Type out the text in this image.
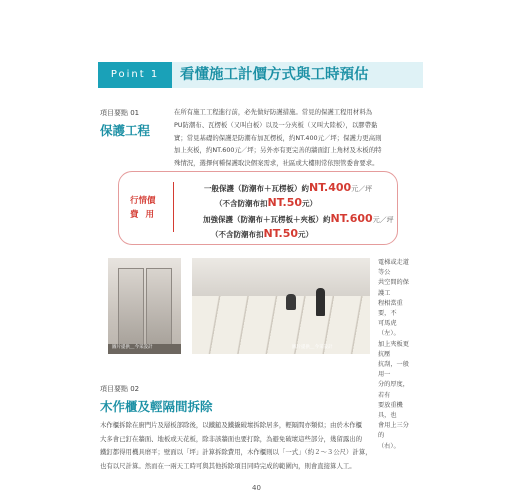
Point 1	看懂施工計價方式與工時預估
項目要點 01
保護工程
在所有施工工程進行前，必先做好防護措施。常見的保護工程用材料為
PU防潮布、瓦楞板（又叫白板）以及一分夾板（又叫大陸板），以膠帶黏
實；常見基礎的保護是防潮布加瓦楞板，約NT.400元／坪；保護力更高則
加上夾板，約NT.600元／坪；另外亦有更完善的牆面釘上角材及木板的特
殊情況，選擇何種保護取決個案需求，社區或大樓則常依照管委會要求。
行情價
費 用
一般保護（防潮布＋瓦楞板）約NT.400元／坪
（不含防潮布扣NT.50元）
加強保護（防潮布＋瓦楞板＋夾板）約NT.600元／坪
（不含防潮布扣NT.50元）
圖片提供＿今采設計	圖片提供＿今采設計
電梯或走道等公
共空間的保護工
程相當重要，不
可馬虎（左）。
加上夾板更抗壓
抗刮，一般用一
分的厚度，若有
要放重機具，也
會用上三分的
（右）。
項目要點 02
木作櫃及輕隔間拆除
木作櫃拆除在廚門片及層板部除後，以鐵鎚及鐵撬破壞拆除居多，輕隔間亦類似；由於木作櫃
大多會已釘在牆面、地板或天花板，除非該牆面也要打除，為避免破壞這些部分，幾留露出的
鐵釘都得用機具磨平；壁面以「坪」計算拆除費用，木作櫃則以「一式」（約２～３公尺）計算，
也有以尺計算。然而在一兩天工時可與其他拆除項目同時完成的範圍內，則會直接算人工。
40
